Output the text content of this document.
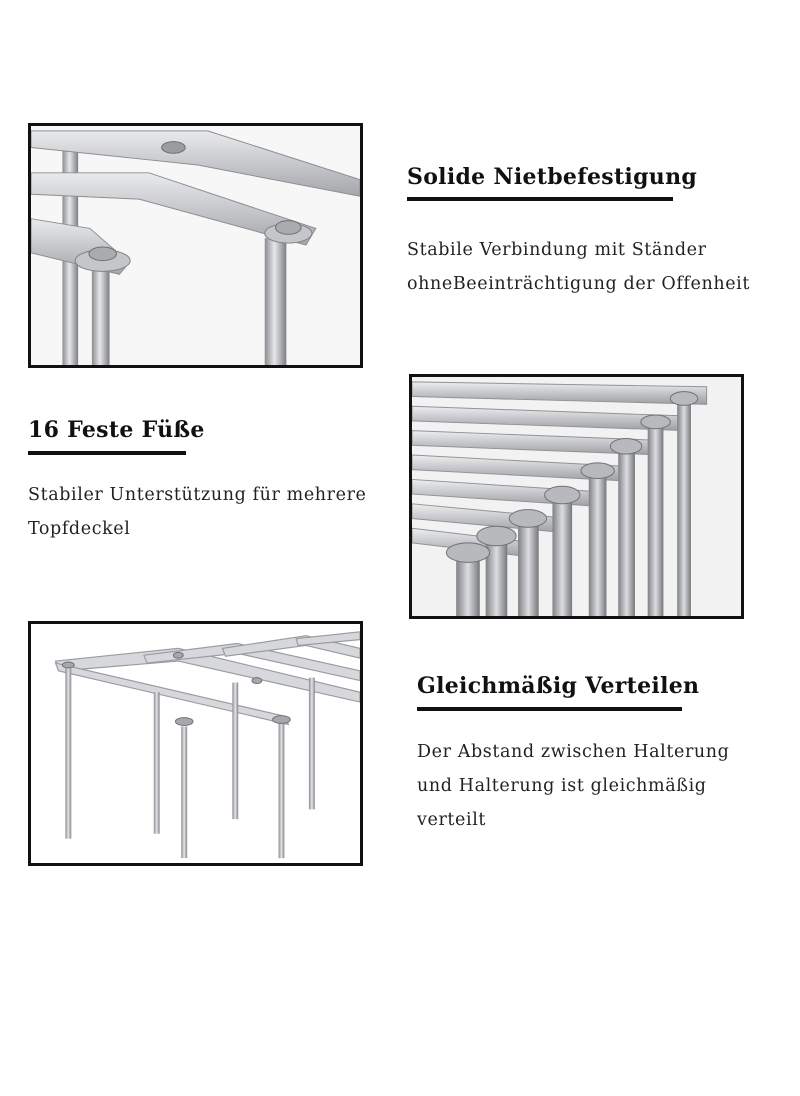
Solide Nietbefestigung
Stabile Verbindung mit Ständer
ohneBeeinträchtigung der Offenheit
16 Feste Füße
Stabiler Unterstützung für mehrere
Topfdeckel
Gleichmäßig Verteilen
Der Abstand zwischen Halterung
und Halterung ist gleichmäßig
verteilt
